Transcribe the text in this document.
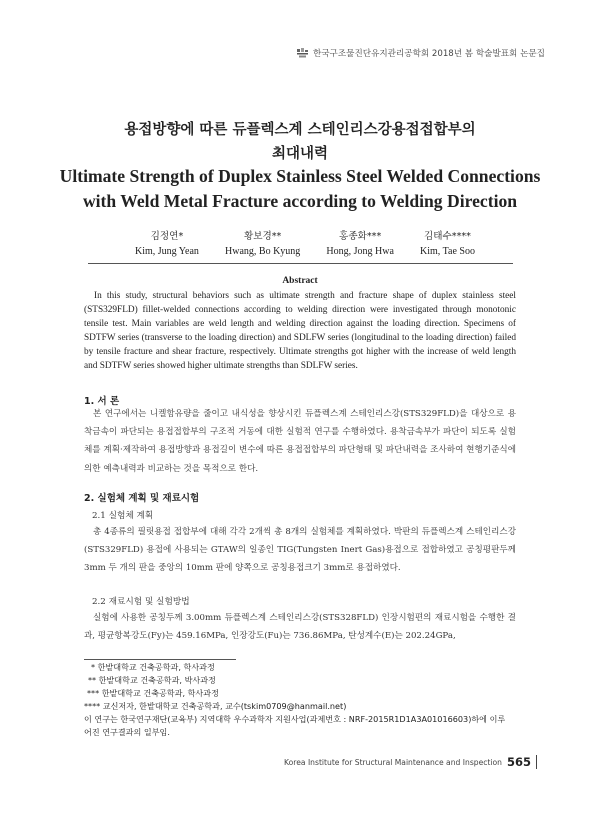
한국구조물진단유지관리공학회 2018년 봄 학술발표회 논문집
용접방향에 따른 듀플렉스계 스테인리스강용접접합부의
최대내력
Ultimate Strength of Duplex Stainless Steel Welded Connections
with Weld Metal Fracture according to Welding Direction
김정연*
Kim, Jung Yean
황보경**
Hwang, Bo Kyung
홍종화***
Hong, Jong Hwa
김태수****
Kim, Tae Soo
Abstract

In this study, structural behaviors such as ultimate strength and fracture shape of duplex stainless steel (STS329FLD) fillet-welded connections according to welding direction were investigated through monotonic tensile test. Main variables are weld length and welding direction against the loading direction. Specimens of SDTFW series (transverse to the loading direction) and SDLFW series (longitudinal to the loading direction) failed by tensile fracture and shear fracture, respectively. Ultimate strengths got higher with the increase of weld length and SDTFW series showed higher ultimate strengths than SDLFW series.

1. 서 론

본 연구에서는 니켈함유량을 줄이고 내식성을 향상시킨 듀플렉스계 스테인리스강(STS329FLD)을 대상으로 용착금속이 파단되는 용접접합부의 구조적 거동에 대한 실험적 연구를 수행하였다. 용착금속부가 파단이 되도록 실험체를 계획·제작하여 용접방향과 용접길이 변수에 따른 용접접합부의 파단형태 및 파단내력을 조사하여 현행기준식에 의한 예측내력과 비교하는 것을 목적으로 한다.

2. 실험체 계획 및 재료시험
2.1 실험체 계획

총 4종류의 필릿용접 접합부에 대해 각각 2개씩 총 8개의 실험체를 계획하였다. 박판의 듀플렉스계 스테인리스강(STS329FLD) 용접에 사용되는 GTAW의 일종인 TIG(Tungsten Inert Gas)용접으로 접합하였고 공칭평판두께 3mm 두 개의 판을 중앙의 10mm 판에 양쪽으로 공칭용접크기 3mm로 용접하였다.

2.2 재료시험 및 실험방법

실험에 사용한 공칭두께 3.00mm 듀플렉스계 스테인리스강(STS328FLD) 인장시험편의 재료시험을 수행한 결과, 평균항복강도(Fy)는 459.16MPa, 인장강도(Fu)는 736.86MPa, 탄성계수(E)는 202.24GPa,

* 한밭대학교 건축공학과, 학사과정
** 한밭대학교 건축공학과, 박사과정
*** 한밭대학교 건축공학과, 학사과정
**** 교신저자, 한밭대학교 건축공학과, 교수(tskim0709@hanmail.net)
이 연구는 한국연구재단(교육부) 지역대학 우수과학자 지원사업(과제번호 : NRF-2015R1D1A3A01016603)하에 이루
어진 연구결과의 일부임.
Korea Institute for Structural Maintenance and Inspection 565
